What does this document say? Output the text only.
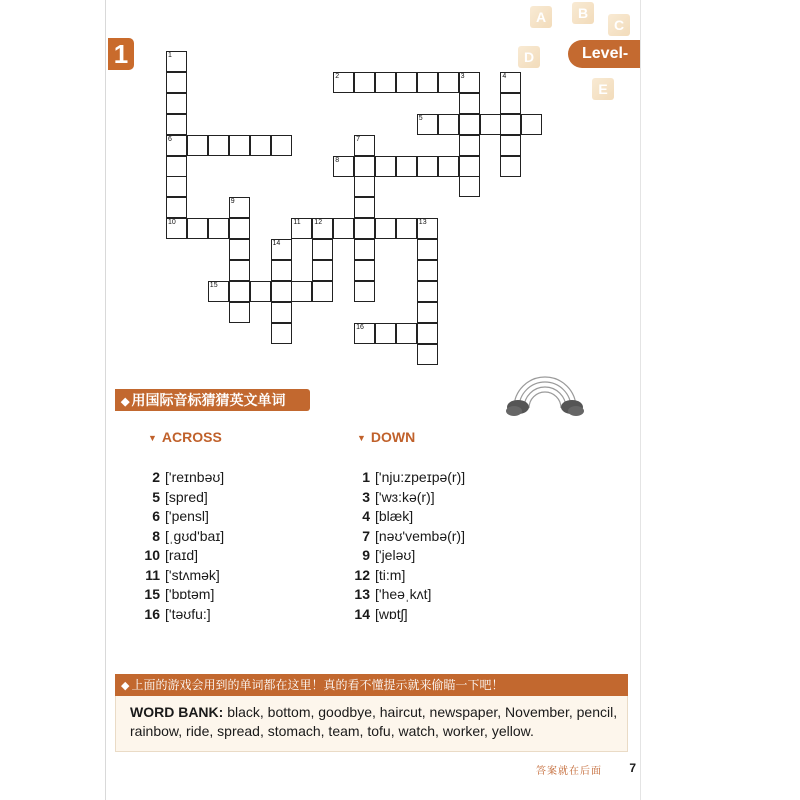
A	B
C
D
E
1	Level-
1
6
10
3	4
7
9
12	13
14
2
5
8
11
15
16
◆ 用国际音标猜猜英文单词
▼ ACROSS	▼ DOWN
2 ['reɪnbəʊ]
5 [spred]
6 ['pensl]
8 [ˌgʊd'baɪ]
10 [raɪd]
11 ['stʌmək]
15 ['bɒtəm]
16 ['təʊfu:]
1 ['nju:zpeɪpə(r)]
3 ['wɜ:kə(r)]
4 [blæk]
7 [nəʊ'vembə(r)]
9 ['jeləʊ]
12 [ti:m]
13 ['heəˌkʌt]
14 [wɒtʃ]
◆ 上面的游戏会用到的单词都在这里！真的看不懂提示就来偷瞄一下吧！
WORD BANK: black, bottom, goodbye, haircut, newspaper, November, pencil, rainbow, ride, spread, stomach, team, tofu, watch, worker, yellow.
答案就在后面 7
